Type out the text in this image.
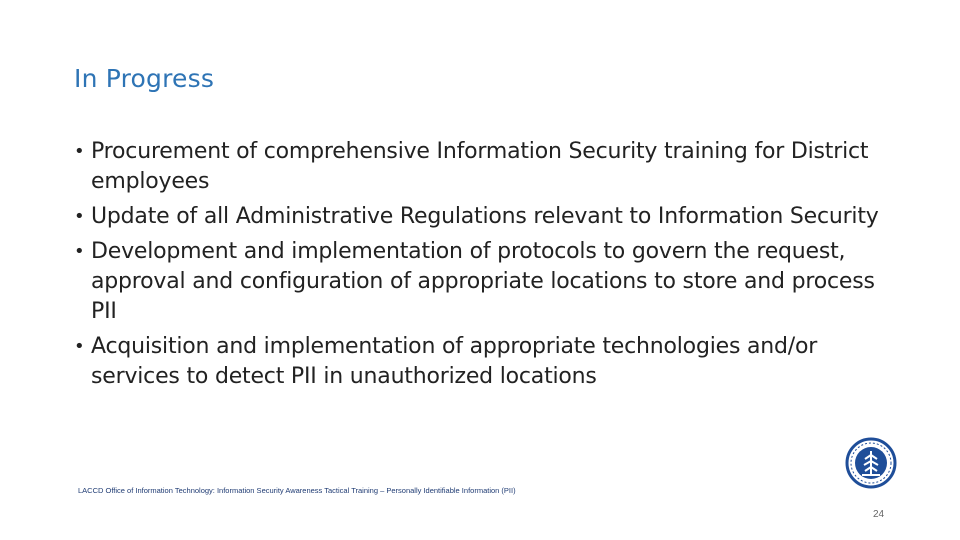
In Progress
• Procurement of comprehensive Information Security training for District employees
• Update of all Administrative Regulations relevant to Information Security
• Development and implementation of protocols to govern the request, approval and configuration of appropriate locations to store and process PII
• Acquisition and implementation of appropriate technologies and/or services to detect PII in unauthorized locations
LACCD Office of Information Technology: Information Security Awareness Tactical Training – Personally Identifiable Information (PII)
24
